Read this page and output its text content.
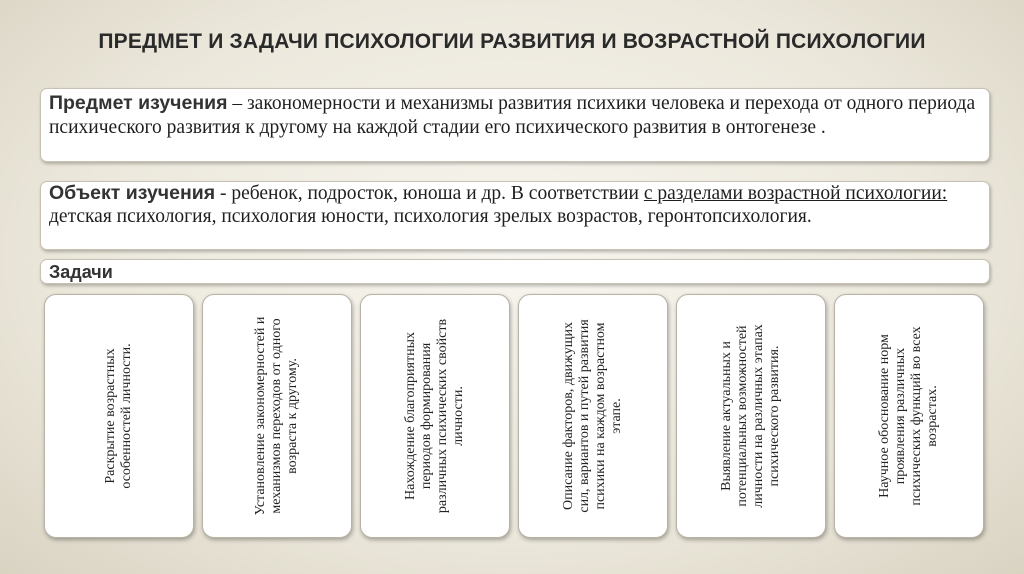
ПРЕДМЕТ И ЗАДАЧИ ПСИХОЛОГИИ РАЗВИТИЯ И ВОЗРАСТНОЙ ПСИХОЛОГИИ
Предмет изучения – закономерности и механизмы развития психики человека и перехода от одного периода психического развития к другому на каждой стадии его психического развития в онтогенезе .
Объект изучения - ребенок, подросток, юноша и др. В соответствии с разделами возрастной психологии: детская психология, психология юности, психология зрелых возрастов, геронтопсихология.
Задачи
Раскрытие возрастных особенностей личности.	Установление закономерностей и механизмов переходов от одного возраста к другому.	Нахождение благоприятных периодов формирования различных психических свойств личности.	Описание факторов, движущих сил, вариантов и путей развития психики на каждом возрастном этапе.	Выявление актуальных и потенциальных возможностей личности на различных этапах психического развития.	Научное обоснование норм проявления различных психических функций во всех возрастах.
